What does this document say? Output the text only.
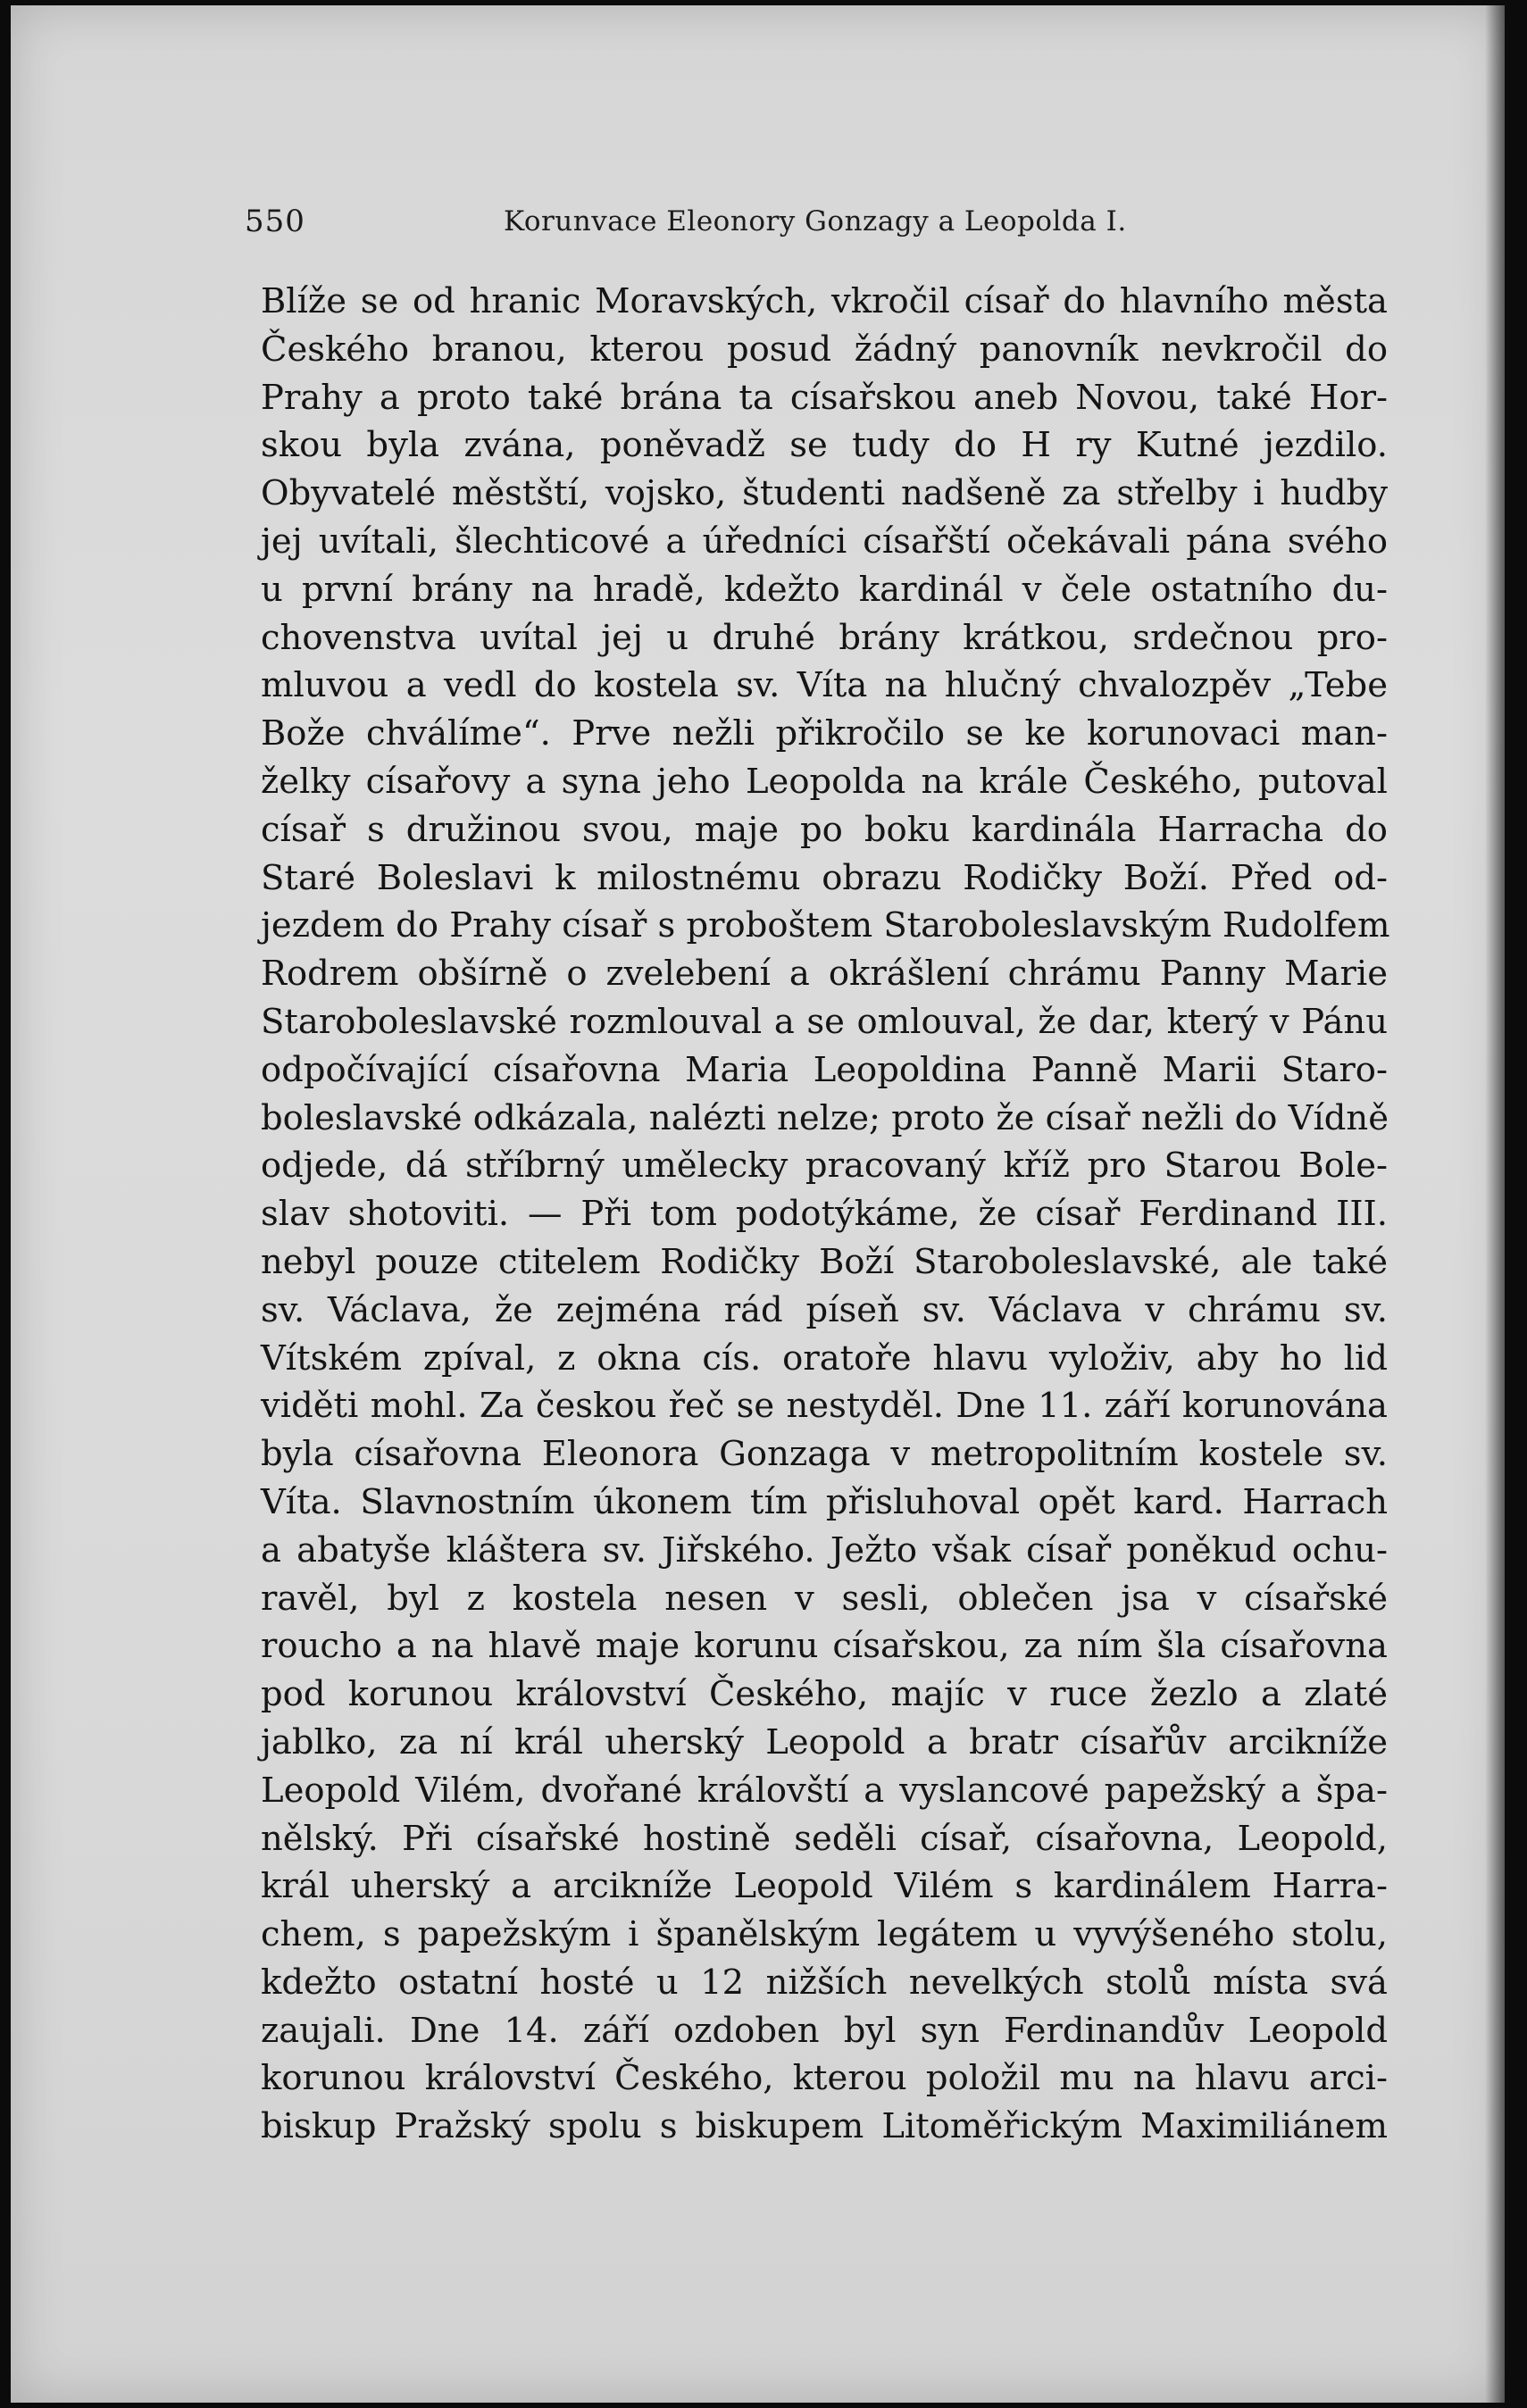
550	Korunvace Eleonory Gonzagy a Leopolda I.
Blíže se od hranic Moravských, vkročil císař do hlavního města
Českého branou, kterou posud žádný panovník nevkročil do
Prahy a proto také brána ta císařskou aneb Novou, také Hor-
skou byla zvána, poněvadž se tudy do H ry Kutné jezdilo.
Obyvatelé městští, vojsko, študenti nadšeně za střelby i hudby
jej uvítali, šlechticové a úředníci císařští očekávali pána svého
u první brány na hradě, kdežto kardinál v čele ostatního du-
chovenstva uvítal jej u druhé brány krátkou, srdečnou pro-
mluvou a vedl do kostela sv. Víta na hlučný chvalozpěv „Tebe
Bože chválíme“. Prve nežli přikročilo se ke korunovaci man-
želky císařovy a syna jeho Leopolda na krále Českého, putoval
císař s družinou svou, maje po boku kardinála Harracha do
Staré Boleslavi k milostnému obrazu Rodičky Boží. Před od-
jezdem do Prahy císař s proboštem Staroboleslavským Rudolfem
Rodrem obšírně o zvelebení a okrášlení chrámu Panny Marie
Staroboleslavské rozmlouval a se omlouval, že dar, který v Pánu
odpočívající císařovna Maria Leopoldina Panně Marii Staro-
boleslavské odkázala, nalézti nelze; proto že císař nežli do Vídně
odjede, dá stříbrný umělecky pracovaný kříž pro Starou Bole-
slav shotoviti. — Při tom podotýkáme, že císař Ferdinand III.
nebyl pouze ctitelem Rodičky Boží Staroboleslavské, ale také
sv. Václava, že zejména rád píseň sv. Václava v chrámu sv.
Vítském zpíval, z okna cís. oratoře hlavu vyloživ, aby ho lid
viděti mohl. Za českou řeč se nestyděl. Dne 11. září korunována
byla císařovna Eleonora Gonzaga v metropolitním kostele sv.
Víta. Slavnostním úkonem tím přisluhoval opět kard. Harrach
a abatyše kláštera sv. Jiřského. Ježto však císař poněkud ochu-
ravěl, byl z kostela nesen v sesli, oblečen jsa v císařské
roucho a na hlavě maje korunu císařskou, za ním šla císařovna
pod korunou království Českého, majíc v ruce žezlo a zlaté
jablko, za ní král uherský Leopold a bratr císařův arcikníže
Leopold Vilém, dvořané královští a vyslancové papežský a špa-
nělský. Při císařské hostině seděli císař, císařovna, Leopold,
král uherský a arcikníže Leopold Vilém s kardinálem Harra-
chem, s papežským i španělským legátem u vyvýšeného stolu,
kdežto ostatní hosté u 12 nižších nevelkých stolů místa svá
zaujali. Dne 14. září ozdoben byl syn Ferdinandův Leopold
korunou království Českého, kterou položil mu na hlavu arci-
biskup Pražský spolu s biskupem Litoměřickým Maximiliánem
